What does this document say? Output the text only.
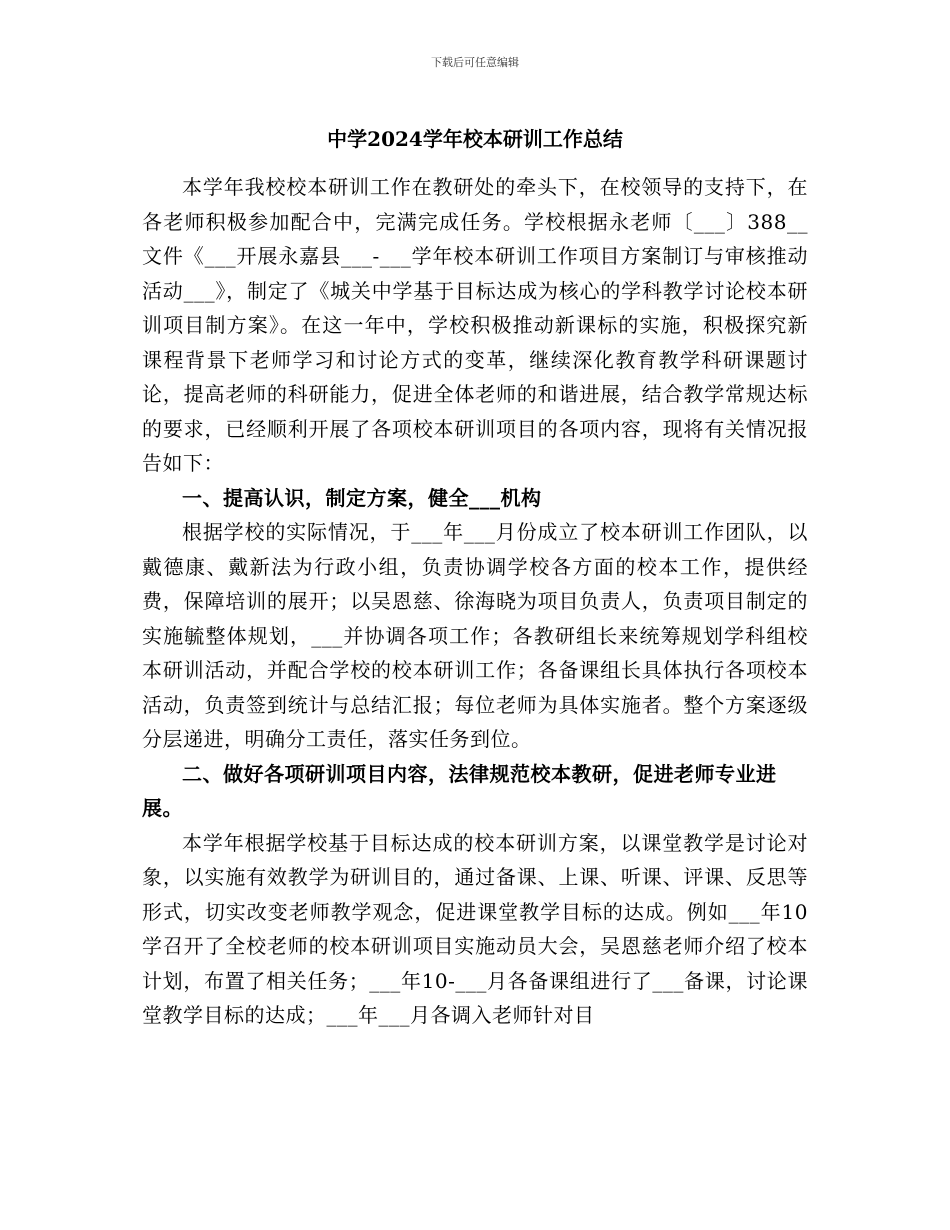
下载后可任意编辑
中学2024学年校本研训工作总结

本学年我校校本研训工作在教研处的牵头下，在校领导的支持下，在各老师积极参加配合中，完满完成任务。学校根据永老师〔___〕388__文件《___开展永嘉县___-___学年校本研训工作项目方案制订与审核推动活动___》，制定了《城关中学基于目标达成为核心的学科教学讨论校本研训项目制方案》。在这一年中，学校积极推动新课标的实施，积极探究新课程背景下老师学习和讨论方式的变革，继续深化教育教学科研课题讨论，提高老师的科研能力，促进全体老师的和谐进展，结合教学常规达标的要求，已经顺利开展了各项校本研训项目的各项内容，现将有关情况报告如下：

一、提高认识，制定方案，健全___机构

根据学校的实际情况，于___年___月份成立了校本研训工作团队，以戴德康、戴新法为行政小组，负责协调学校各方面的校本工作，提供经费，保障培训的展开；以吴恩慈、徐海晓为项目负责人，负责项目制定的实施毓整体规划，___并协调各项工作；各教研组长来统筹规划学科组校本研训活动，并配合学校的校本研训工作；各备课组长具体执行各项校本活动，负责签到统计与总结汇报；每位老师为具体实施者。整个方案逐级分层递进，明确分工责任，落实任务到位。

二、做好各项研训项目内容，法律规范校本教研，促进老师专业进展。

本学年根据学校基于目标达成的校本研训方案，以课堂教学是讨论对象，以实施有效教学为研训目的，通过备课、上课、听课、评课、反思等形式，切实改变老师教学观念，促进课堂教学目标的达成。例如___年10学召开了全校老师的校本研训项目实施动员大会，吴恩慈老师介绍了校本计划，布置了相关任务；___年10-___月各备课组进行了___备课，讨论课堂教学目标的达成；___年___月各调入老师针对目
